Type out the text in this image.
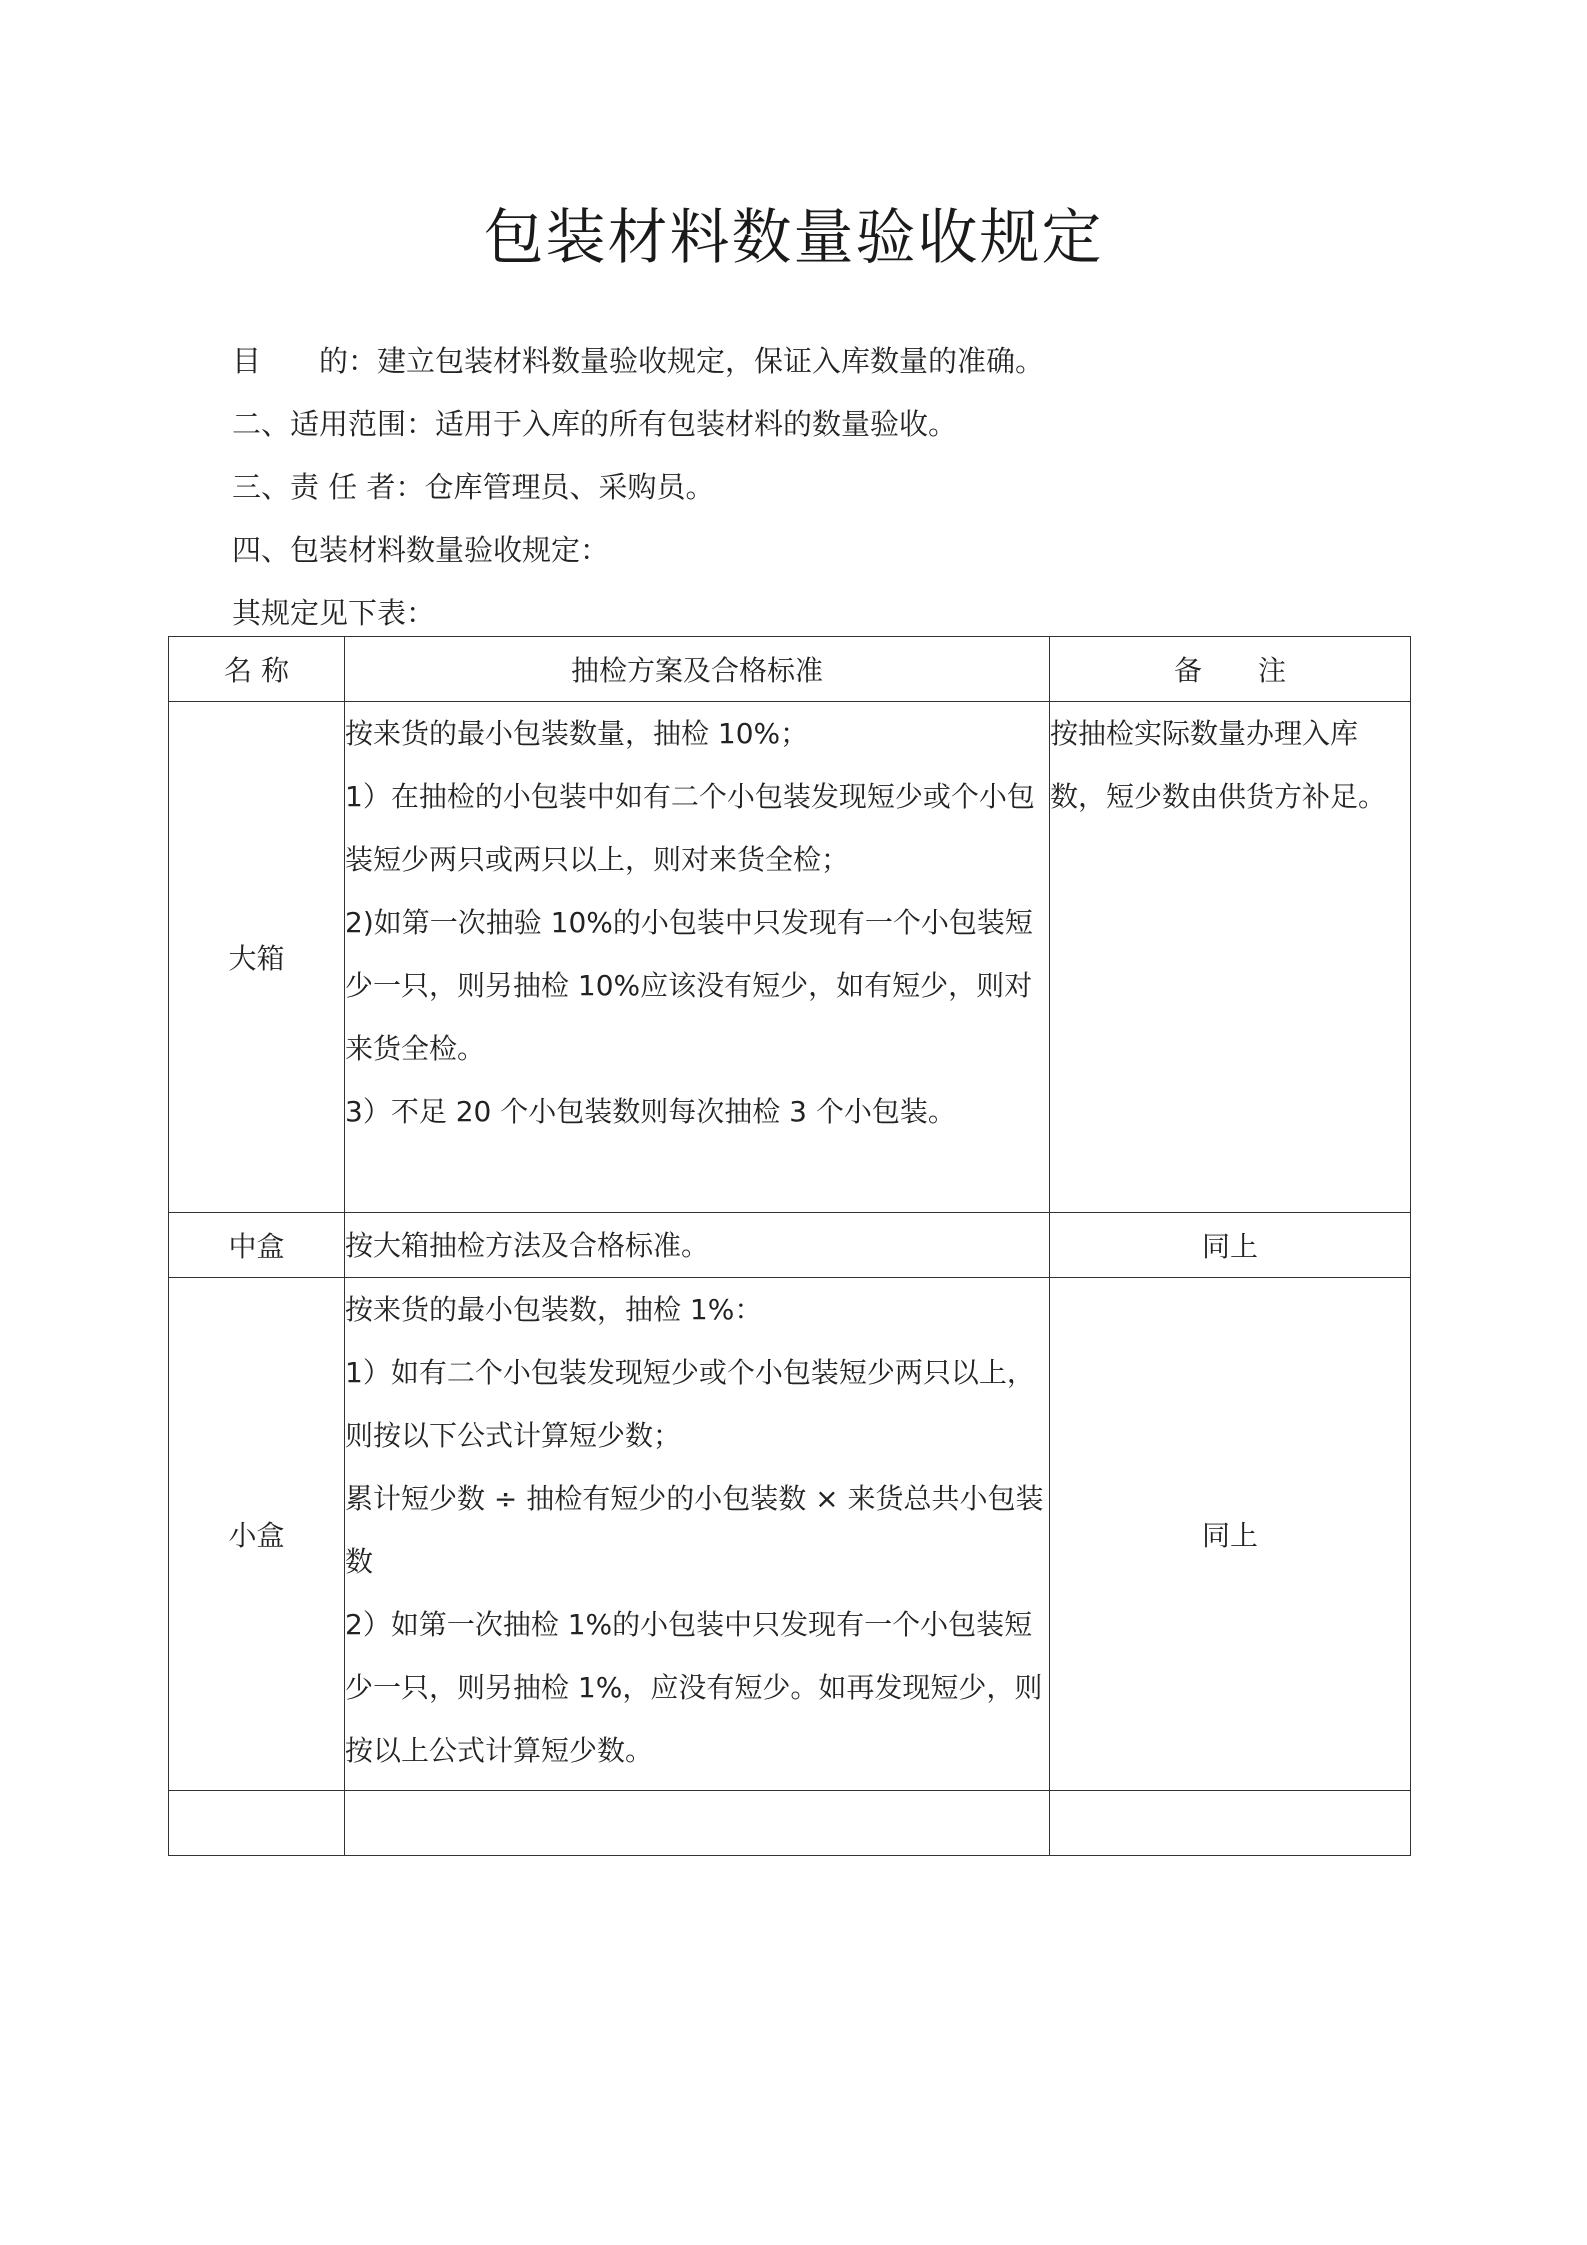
包装材料数量验收规定
目　　的：建立包装材料数量验收规定，保证入库数量的准确。
二、适用范围：适用于入库的所有包装材料的数量验收。
三、责 任 者：仓库管理员、采购员。
四、包装材料数量验收规定：
其规定见下表：
名 称	抽检方案及合格标准	备　　注
大箱	按来货的最小包装数量，抽检 10%；
1）在抽检的小包装中如有二个小包装发现短少或个小包装短少两只或两只以上，则对来货全检；
2)如第一次抽验 10%的小包装中只发现有一个小包装短少一只，则另抽检 10%应该没有短少，如有短少，则对来货全检。
3）不足 20 个小包装数则每次抽检 3 个小包装。	按抽检实际数量办理入库数，短少数由供货方补足。

中盒	按大箱抽检方法及合格标准。	同上
小盒	按来货的最小包装数，抽检 1%：
1）如有二个小包装发现短少或个小包装短少两只以上，则按以下公式计算短少数；
累计短少数 ÷ 抽检有短少的小包装数 × 来货总共小包装数
2）如第一次抽检 1%的小包装中只发现有一个小包装短少一只，则另抽检 1%，应没有短少。如再发现短少，则按以上公式计算短少数。	同上
